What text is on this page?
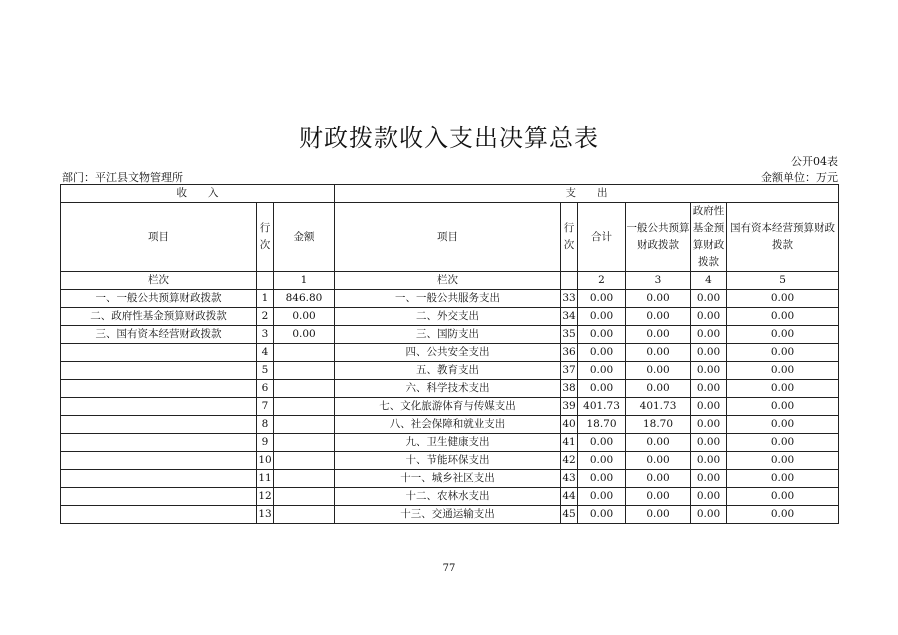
财政拨款收入支出决算总表
公开04表
部门：平江县文物管理所	金额单位：万元
收　　入			支　　出					
项目	行次	金额	项目	行次	合计	一般公共预算财政拨款	政府性基金预算财政拨款	国有资本经营预算财政拨款
栏次		1	栏次		2	3	4	5
一、一般公共预算财政拨款	1	846.80	一、一般公共服务支出	33	0.00	0.00	0.00	0.00
二、政府性基金预算财政拨款	2	0.00	二、外交支出	34	0.00	0.00	0.00	0.00
三、国有资本经营财政拨款	3	0.00	三、国防支出	35	0.00	0.00	0.00	0.00
	4		四、公共安全支出	36	0.00	0.00	0.00	0.00
	5		五、教育支出	37	0.00	0.00	0.00	0.00
	6		六、科学技术支出	38	0.00	0.00	0.00	0.00
	7		七、文化旅游体育与传媒支出	39	401.73	401.73	0.00	0.00
	8		八、社会保障和就业支出	40	18.70	18.70	0.00	0.00
	9		九、卫生健康支出	41	0.00	0.00	0.00	0.00
	10		十、节能环保支出	42	0.00	0.00	0.00	0.00
	11		十一、城乡社区支出	43	0.00	0.00	0.00	0.00
	12		十二、农林水支出	44	0.00	0.00	0.00	0.00
	13		十三、交通运输支出	45	0.00	0.00	0.00	0.00
77
